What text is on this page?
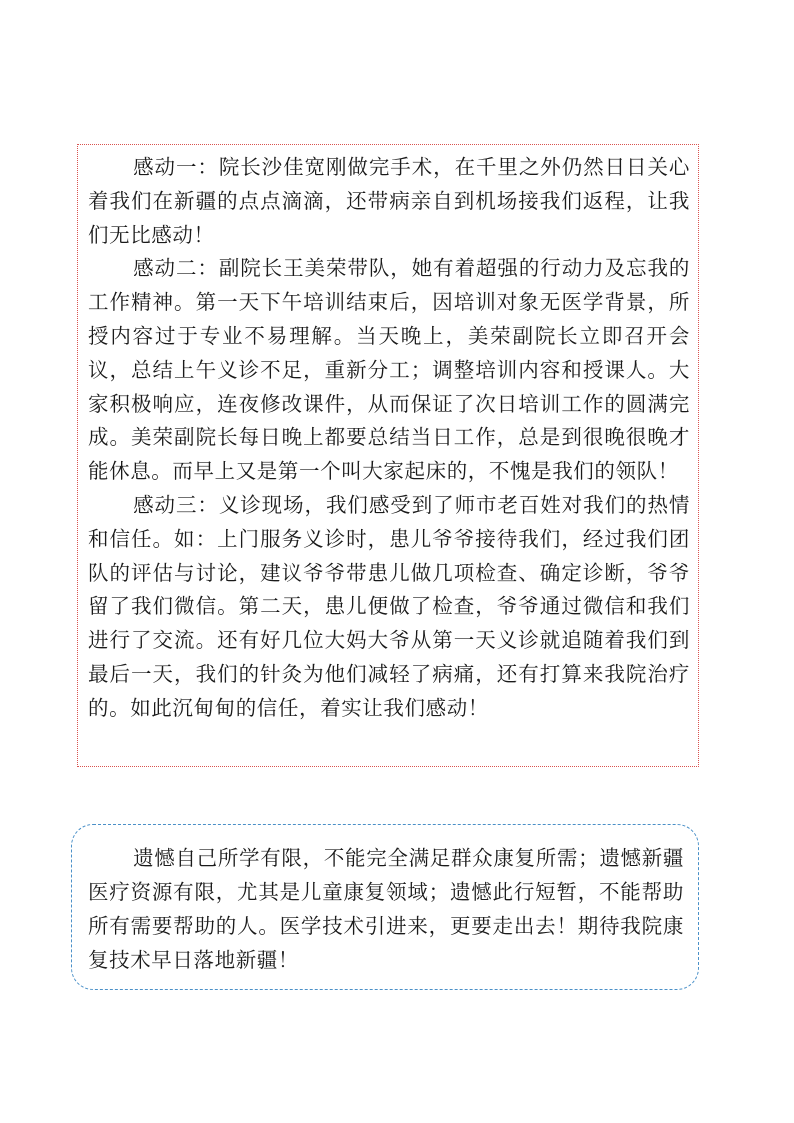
感动一：院长沙佳宽刚做完手术，在千里之外仍然日日关心着我们在新疆的点点滴滴，还带病亲自到机场接我们返程，让我们无比感动！

感动二：副院长王美荣带队，她有着超强的行动力及忘我的工作精神。第一天下午培训结束后，因培训对象无医学背景，所授内容过于专业不易理解。当天晚上，美荣副院长立即召开会议，总结上午义诊不足，重新分工；调整培训内容和授课人。大家积极响应，连夜修改课件，从而保证了次日培训工作的圆满完成。美荣副院长每日晚上都要总结当日工作，总是到很晚很晚才能休息。而早上又是第一个叫大家起床的，不愧是我们的领队！

感动三：义诊现场，我们感受到了师市老百姓对我们的热情和信任。如：上门服务义诊时，患儿爷爷接待我们，经过我们团队的评估与讨论，建议爷爷带患儿做几项检查、确定诊断，爷爷留了我们微信。第二天，患儿便做了检查，爷爷通过微信和我们进行了交流。还有好几位大妈大爷从第一天义诊就追随着我们到最后一天，我们的针灸为他们减轻了病痛，还有打算来我院治疗的。如此沉甸甸的信任，着实让我们感动！

遗憾自己所学有限，不能完全满足群众康复所需；遗憾新疆医疗资源有限，尤其是儿童康复领域；遗憾此行短暂，不能帮助所有需要帮助的人。医学技术引进来，更要走出去！期待我院康复技术早日落地新疆！
